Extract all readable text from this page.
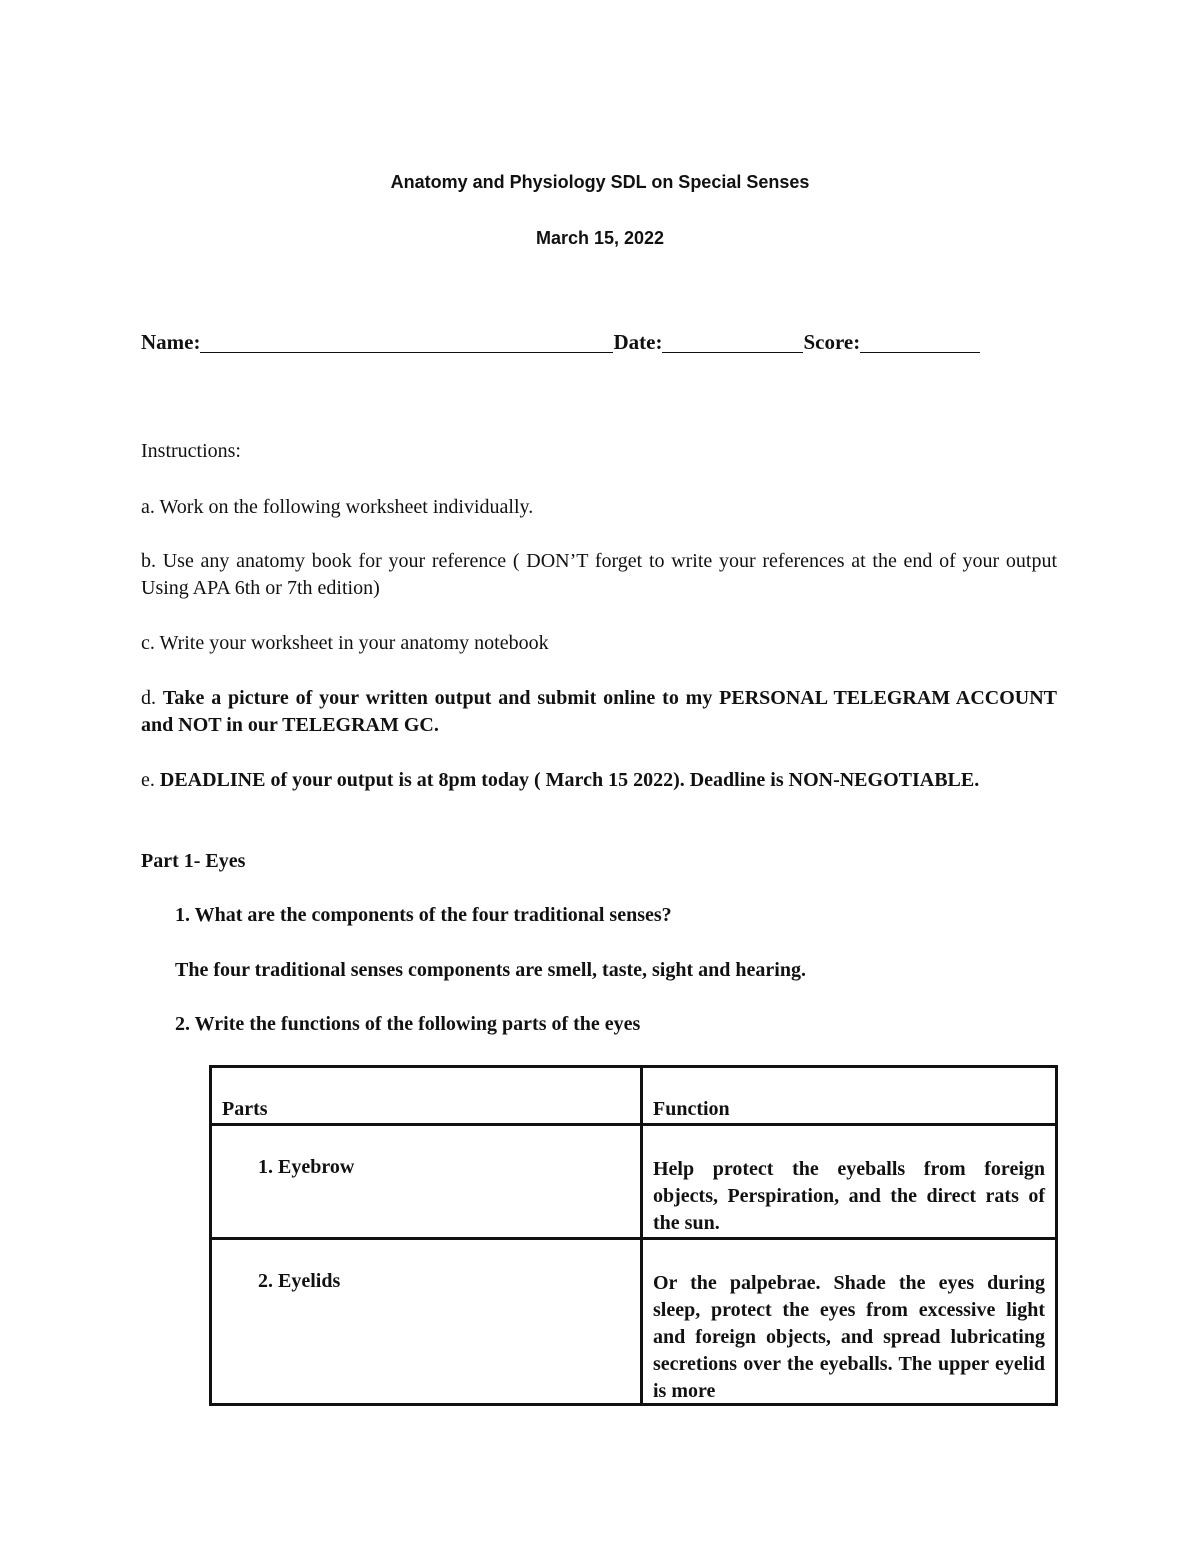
Anatomy and Physiology SDL on Special Senses
March 15, 2022
Name:	Date:	Score:
Instructions:
a. Work on the following worksheet individually.
b. Use any anatomy book for your reference ( DON’T forget to write your references at the end of your output Using APA 6th or 7th edition)
c. Write your worksheet in your anatomy notebook
d. Take a picture of your written output and submit online to my PERSONAL TELEGRAM ACCOUNT and NOT in our TELEGRAM GC.
e. DEADLINE of your output is at 8pm today ( March 15 2022). Deadline is NON-NEGOTIABLE.
Part 1- Eyes
1. What are the components of the four traditional senses?
The four traditional senses components are smell, taste, sight and hearing.
2. Write the functions of the following parts of the eyes
Parts	Function

1. Eyebrow	Help protect the eyeballs from foreign objects, Perspiration, and the direct rats of the sun.

2. Eyelids	Or the palpebrae. Shade the eyes during sleep, protect the eyes from excessive light and foreign objects, and spread lubricating secretions over the eyeballs. The upper eyelid is more
